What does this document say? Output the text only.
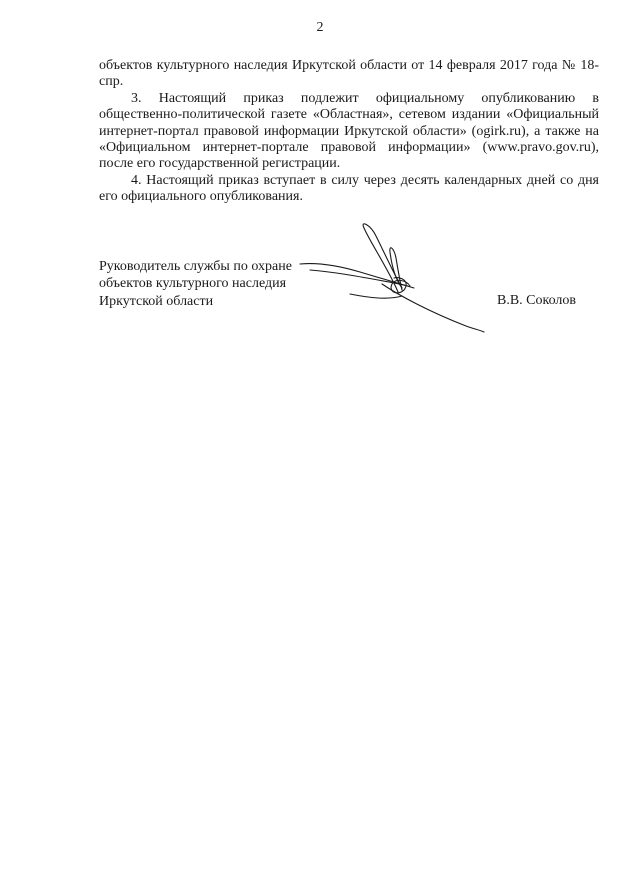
2

объектов культурного наследия Иркутской области от 14 февраля 2017 года № 18-спр.

3. Настоящий приказ подлежит официальному опубликованию в общественно-политической газете «Областная», сетевом издании «Официальный интернет-портал правовой информации Иркутской области» (ogirk.ru), а также на «Официальном интернет-портале правовой информации» (www.pravo.gov.ru), после его государственной регистрации.

4. Настоящий приказ вступает в силу через десять календарных дней со дня его официального опубликования.

Руководитель службы по охране
объектов культурного наследия
Иркутской области	В.В. Соколов
